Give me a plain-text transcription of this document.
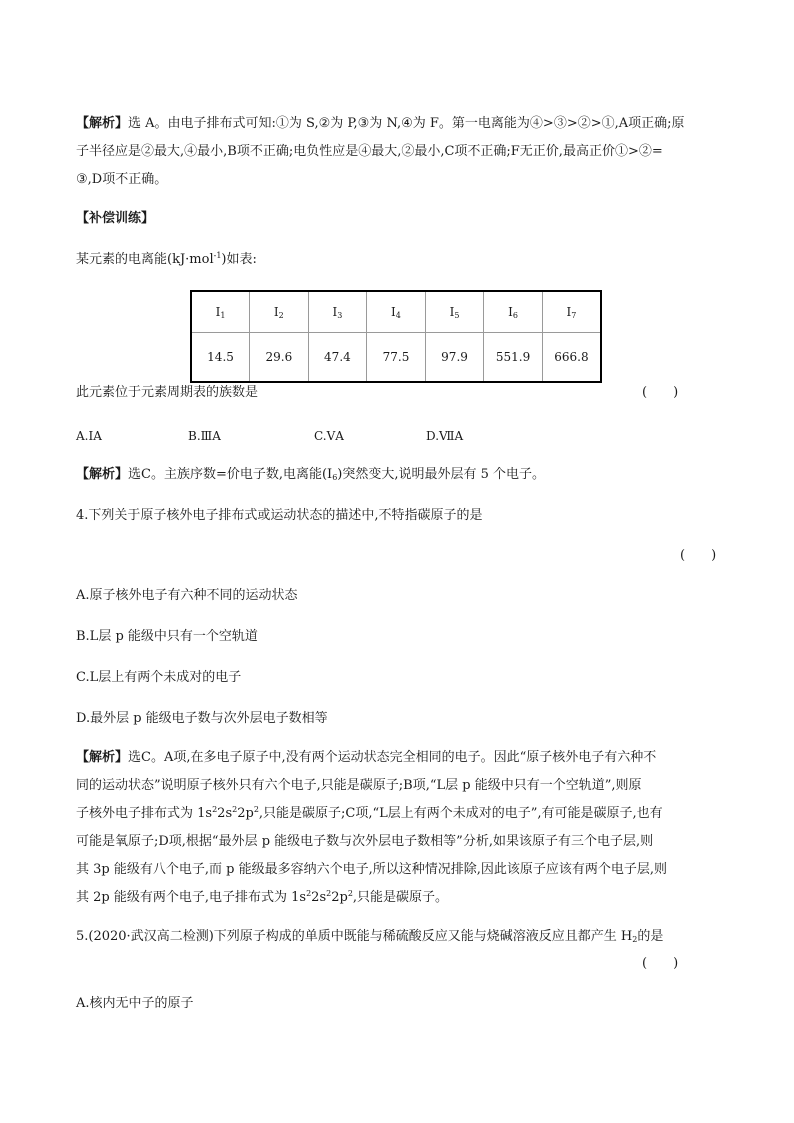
【解析】选 A。由电子排布式可知:①为 S,②为 P,③为 N,④为 F。第一电离能为④>③>②>①,A项正确;原
子半径应是②最大,④最小,B项不正确;电负性应是④最大,②最小,C项不正确;F无正价,最高正价①>②=
③,D项不正确。
【补偿训练】
某元素的电离能(kJ·mol$^{-1}$)如表:
$I_1$	$I_2$	$I_3$	$I_4$	$I_5$	$I_6$	$I_7$
14.5	29.6	47.4	77.5	97.9	551.9	666.8
此元素位于元素周期表的族数是	(　　)
A.ⅠA	B.ⅢA	C.ⅤA	D.ⅦA
【解析】选C。主族序数=价电子数,电离能$(I_6)$突然变大,说明最外层有 5 个电子。
4.下列关于原子核外电子排布式或运动状态的描述中,不特指碳原子的是
(　　)
A.原子核外电子有六种不同的运动状态
B.L层 p 能级中只有一个空轨道
C.L层上有两个未成对的电子
D.最外层 p 能级电子数与次外层电子数相等
【解析】选C。A项,在多电子原子中,没有两个运动状态完全相同的电子。因此“原子核外电子有六种不
同的运动状态”说明原子核外只有六个电子,只能是碳原子;B项,“L层 p 能级中只有一个空轨道”,则原
子核外电子排布式为 $1s^22s^22p^2$,只能是碳原子;C项,“L层上有两个未成对的电子”,有可能是碳原子,也有
可能是氧原子;D项,根据“最外层 p 能级电子数与次外层电子数相等”分析,如果该原子有三个电子层,则
其 3p 能级有八个电子,而 p 能级最多容纳六个电子,所以这种情况排除,因此该原子应该有两个电子层,则
其 2p 能级有两个电子,电子排布式为 $1s^22s^22p^2$,只能是碳原子。
5.(2020·武汉高二检测)下列原子构成的单质中既能与稀硫酸反应又能与烧碱溶液反应且都产生 $H_2$的是
(　　)
A.核内无中子的原子
